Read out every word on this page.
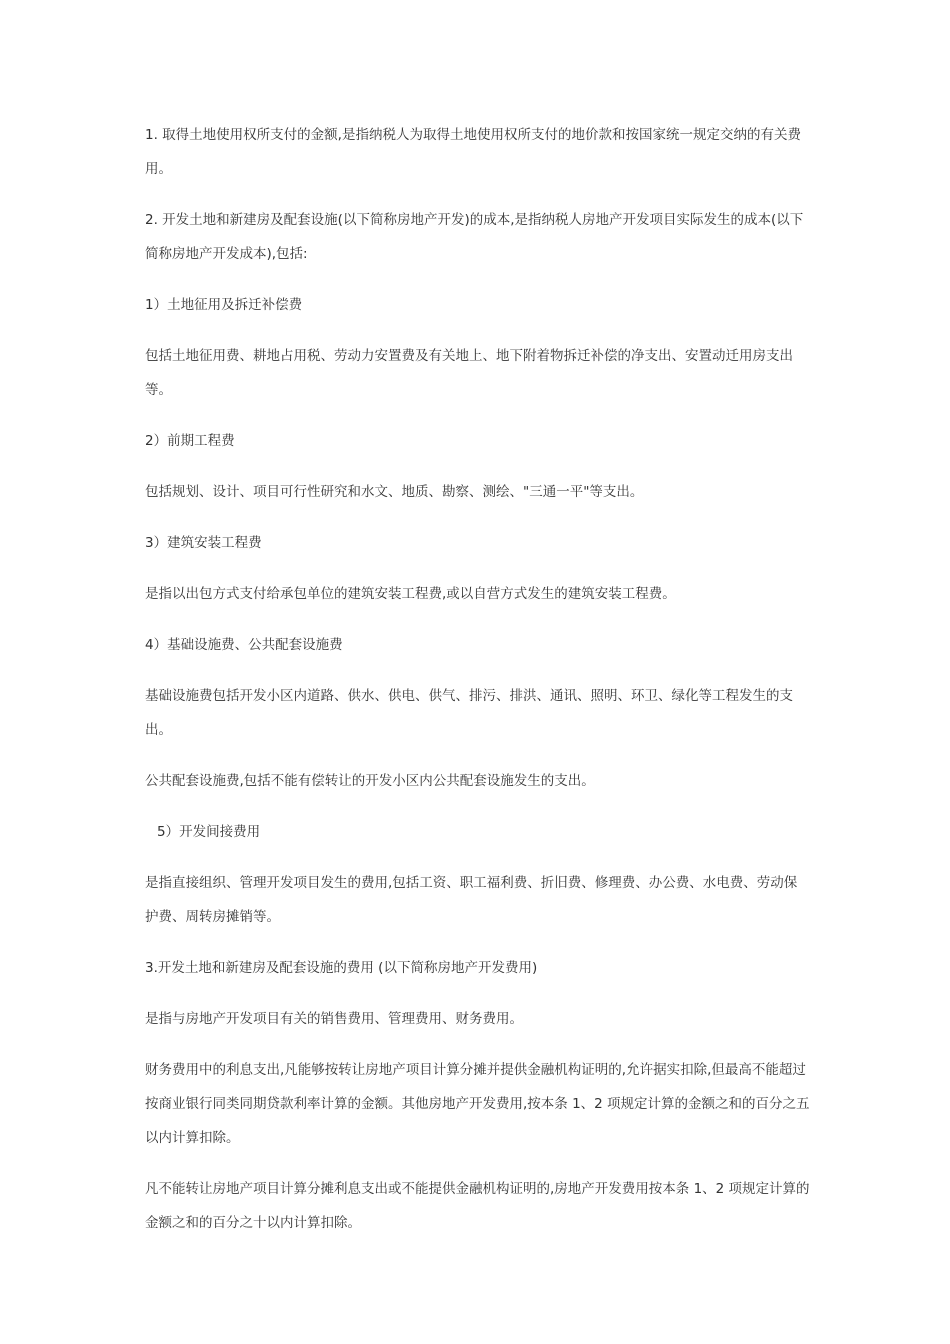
1. 取得土地使用权所支付的金额,是指纳税人为取得土地使用权所支付的地价款和按国家统一规定交纳的有关费用。

2. 开发土地和新建房及配套设施(以下简称房地产开发)的成本,是指纳税人房地产开发项目实际发生的成本(以下简称房地产开发成本),包括:

1）土地征用及拆迁补偿费

包括土地征用费、耕地占用税、劳动力安置费及有关地上、地下附着物拆迁补偿的净支出、安置动迁用房支出等。

2）前期工程费

包括规划、设计、项目可行性研究和水文、地质、勘察、测绘、"三通一平"等支出。

3）建筑安装工程费

是指以出包方式支付给承包单位的建筑安装工程费,或以自营方式发生的建筑安装工程费。

4）基础设施费、公共配套设施费

基础设施费包括开发小区内道路、供水、供电、供气、排污、排洪、通讯、照明、环卫、绿化等工程发生的支出。

公共配套设施费,包括不能有偿转让的开发小区内公共配套设施发生的支出。

5）开发间接费用

是指直接组织、管理开发项目发生的费用,包括工资、职工福利费、折旧费、修理费、办公费、水电费、劳动保护费、周转房摊销等。

3.开发土地和新建房及配套设施的费用 (以下简称房地产开发费用)

是指与房地产开发项目有关的销售费用、管理费用、财务费用。

财务费用中的利息支出,凡能够按转让房地产项目计算分摊并提供金融机构证明的,允许据实扣除,但最高不能超过按商业银行同类同期贷款利率计算的金额。其他房地产开发费用,按本条 1、2 项规定计算的金额之和的百分之五以内计算扣除。

凡不能转让房地产项目计算分摊利息支出或不能提供金融机构证明的,房地产开发费用按本条 1、2 项规定计算的金额之和的百分之十以内计算扣除。
